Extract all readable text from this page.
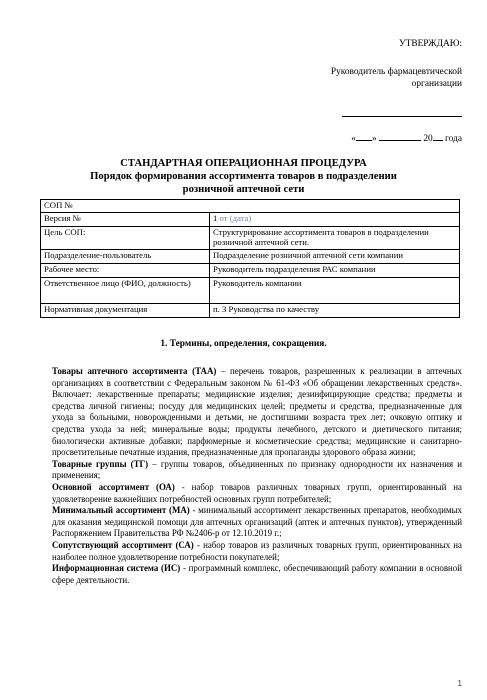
УТВЕРЖДАЮ:
Руководитель фармацевтической
организации
« »	20 года
СТАНДАРТНАЯ ОПЕРАЦИОННАЯ ПРОЦЕДУРА
Порядок формирования ассортимента товаров в подразделении
розничной аптечной сети
СОП №	
Версия №	1 от (дата)
Цель СОП:	Структурирование ассортимента товаров в подразделении розничной аптечной сети.
Подразделение-пользователь	Подразделение розничной аптечной сети компании
Рабочее место:	Руководитель подразделения РАС компании
Ответственное лицо (ФИО, должность)	Руководитель компании
Нормативная документация	п. 3 Руководства по качеству
1. Термины, определения, сокращения.

Товары аптечного ассортимента (ТАА) – перечень товаров, разрешенных к реализации в аптечных организациях в соответствии с Федеральным законом № 61-ФЗ «Об обращении лекарственных средств». Включает: лекарственные препараты; медицинские изделия; дезинфицирующие средства; предметы и средства личной гигиены; посуду для медицинских целей; предметы и средства, предназначенные для ухода за больными, новорожденными и детьми, не достигшими возраста трех лет; очковую оптику и средства ухода за ней; минеральные воды; продукты лечебного, детского и диетического питания; биологически активные добавки; парфюмерные и косметические средства; медицинские и санитарно-просветительные печатные издания, предназначенные для пропаганды здорового образа жизни;

Товарные группы (ТГ) – группы товаров, объединенных по признаку однородности их назначения и применения;

Основной ассортимент (ОА) - набор товаров различных товарных групп, ориентированный на удовлетворение важнейших потребностей основных групп потребителей;

Минимальный ассортимент (МА) - минимальный ассортимент лекарственных препаратов, необходимых для оказания медицинской помощи для аптечных организаций (аптек и аптечных пунктов), утвержденный Распоряжением Правительства РФ №2406-р от 12.10.2019 г.;

Сопутствующий ассортимент (СА) - набор товаров из различных товарных групп, ориентированных на наиболее полное удовлетворение потребности покупателей;

Информационная система (ИС) - программный комплекс, обеспечивающий работу компании в основной сфере деятельности.

1
